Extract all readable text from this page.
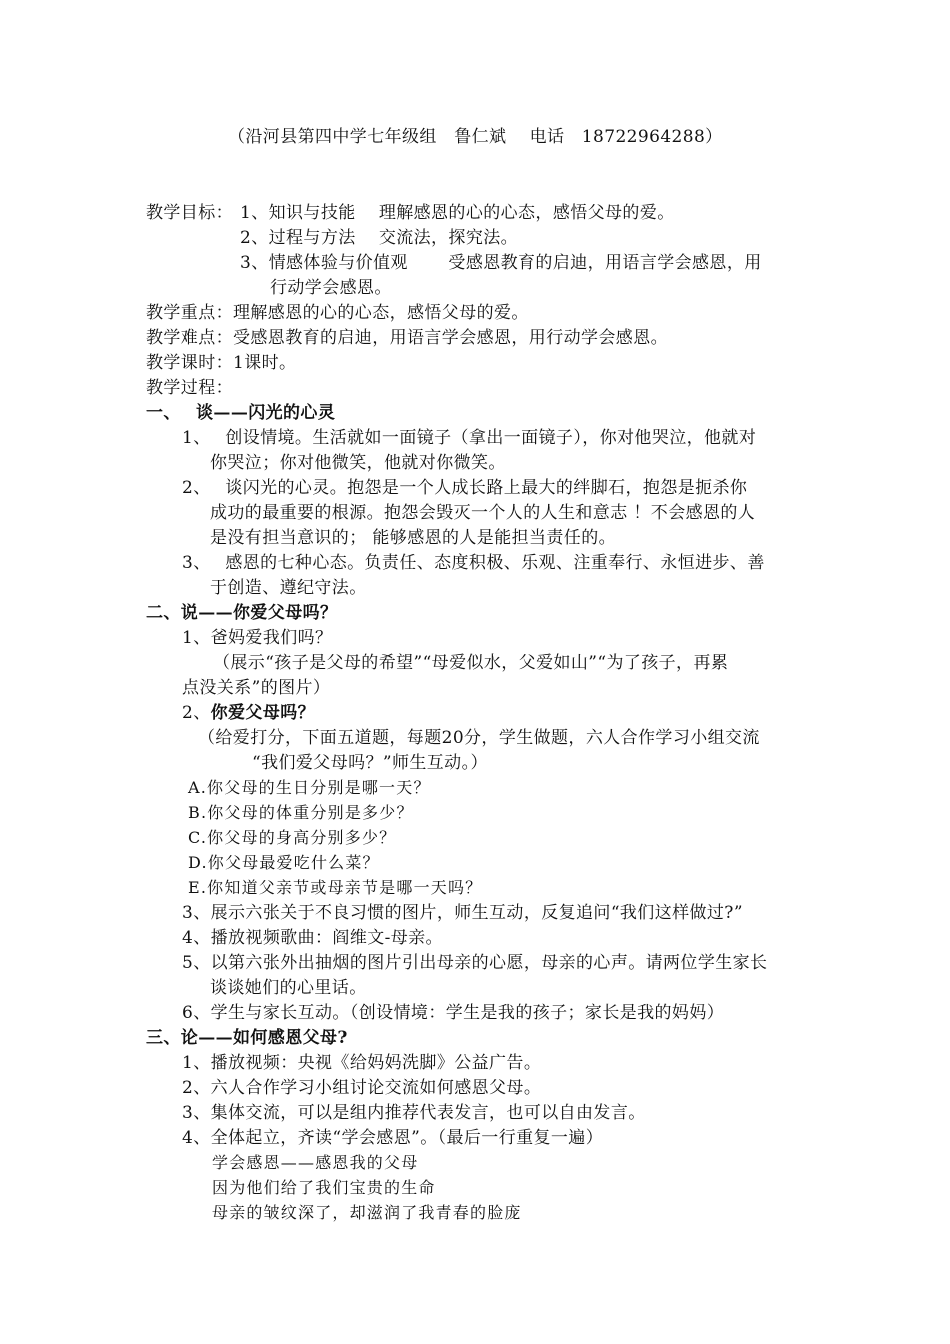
（沿河县第四中学七年级组　鲁仁斌　 电话　18722964288）
教学目标： 1、知识与技能　 理解感恩的心的心态，感悟父母的爱。
2、过程与方法　 交流法，探究法。
3、情感体验与价值观　　 受感恩教育的启迪，用语言学会感恩，用
行动学会感恩。
教学重点：理解感恩的心的心态，感悟父母的爱。
教学难点：受感恩教育的启迪，用语言学会感恩，用行动学会感恩。
教学课时：1课时。
教学过程：
一、　 谈——闪光的心灵
1、　 创设情境。生活就如一面镜子（拿出一面镜子），你对他哭泣，他就对
你哭泣；你对他微笑，他就对你微笑。
2、　 谈闪光的心灵。抱怨是一个人成长路上最大的绊脚石，抱怨是扼杀你
成功的最重要的根源。抱怨会毁灭一个人的人生和意志 ！不会感恩的人
是没有担当意识的； 能够感恩的人是能担当责任的。
3、　 感恩的七种心态。负责任、态度积极、乐观、注重奉行、永恒进步、善
于创造、遵纪守法。
二、说——你爱父母吗？
1、爸妈爱我们吗？
（展示“孩子是父母的希望”“母爱似水，父爱如山”“为了孩子，再累
点没关系”的图片）
2、你爱父母吗？
（给爱打分，下面五道题，每题20分，学生做题，六人合作学习小组交流
“我们爱父母吗？”师生互动。）
A.你父母的生日分别是哪一天？
B.你父母的体重分别是多少？
C.你父母的身高分别多少？
D.你父母最爱吃什么菜？
E.你知道父亲节或母亲节是哪一天吗？
3、展示六张关于不良习惯的图片，师生互动，反复追问“我们这样做过?”
4、播放视频歌曲：阎维文-母亲。
5、以第六张外出抽烟的图片引出母亲的心愿，母亲的心声。请两位学生家长
谈谈她们的心里话。
6、学生与家长互动。（创设情境：学生是我的孩子；家长是我的妈妈）
三、论——如何感恩父母?
1、播放视频：央视《给妈妈洗脚》公益广告。
2、六人合作学习小组讨论交流如何感恩父母。
3、集体交流，可以是组内推荐代表发言，也可以自由发言。
4、全体起立，齐读“学会感恩”。（最后一行重复一遍）
学会感恩——感恩我的父母
因为他们给了我们宝贵的生命
母亲的皱纹深了，却滋润了我青春的脸庞
